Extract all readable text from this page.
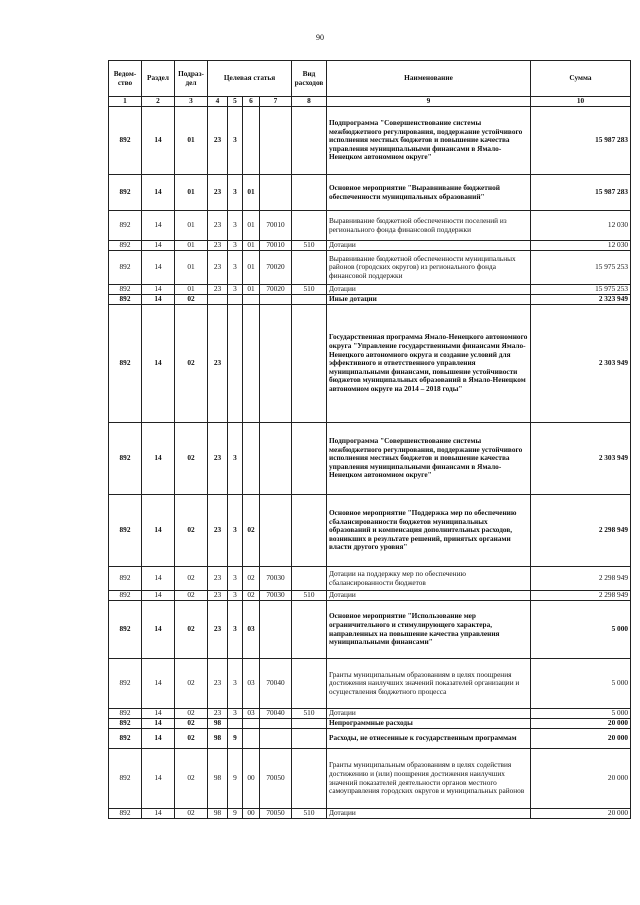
90
Ведом-ство	Раздел	Подраз-дел	Целевая статья				Вид расходов	Наименование	Сумма
1	2	3	4	5	6	7	8	9	10
892	14	01	23	3				Подпрограмма "Совершенствование системы межбюджетного регулирования, поддержание устойчивого исполнения местных бюджетов и повышение качества управления муниципальными финансами в Ямало-Ненецком автономном округе"	15 987 283
892	14	01	23	3	01			Основное мероприятие "Выравнивание бюджетной обеспеченности муниципальных образований"	15 987 283
892	14	01	23	3	01	70010		Выравнивание бюджетной обеспеченности поселений из регионального фонда финансовой поддержки	12 030
892	14	01	23	3	01	70010	510	Дотации	12 030
892	14	01	23	3	01	70020		Выравнивание бюджетной обеспеченности муниципальных районов (городских округов) из регионального фонда финансовой поддержки	15 975 253
892	14	01	23	3	01	70020	510	Дотации	15 975 253
892	14	02						Иные дотации	2 323 949
892	14	02	23					Государственная программа Ямало-Ненецкого автономного округа "Управление государственными финансами Ямало-Ненецкого автономного округа и создание условий для эффективного и ответственного управления муниципальными финансами, повышение устойчивости бюджетов муниципальных образований в Ямало-Ненецком автономном округе на 2014 – 2018 годы"	2 303 949
892	14	02	23	3				Подпрограмма "Совершенствование системы межбюджетного регулирования, поддержание устойчивого исполнения местных бюджетов и повышение качества управления муниципальными финансами в Ямало-Ненецком автономном округе"	2 303 949
892	14	02	23	3	02			Основное мероприятие "Поддержка мер по обеспечению сбалансированности бюджетов муниципальных образований и компенсация дополнительных расходов, возникших в результате решений, принятых органами власти другого уровня"	2 298 949
892	14	02	23	3	02	70030		Дотации на поддержку мер по обеспечению сбалансированности бюджетов	2 298 949
892	14	02	23	3	02	70030	510	Дотации	2 298 949
892	14	02	23	3	03			Основное мероприятие "Использование мер ограничительного и стимулирующего характера, направленных на повышение качества управления муниципальными финансами"	5 000
892	14	02	23	3	03	70040		Гранты муниципальным образованиям в целях поощрения достижения наилучших значений показателей организации и осуществления бюджетного процесса	5 000
892	14	02	23	3	03	70040	510	Дотации	5 000
892	14	02	98					Непрограммные расходы	20 000
892	14	02	98	9				Расходы, не отнесенные к государственным программам	20 000
892	14	02	98	9	00	70050		Гранты муниципальным образованиям в целях содействия достижению и (или) поощрения достижения наилучших значений показателей деятельности органов местного самоуправления городских округов и муниципальных районов	20 000
892	14	02	98	9	00	70050	510	Дотации	20 000
